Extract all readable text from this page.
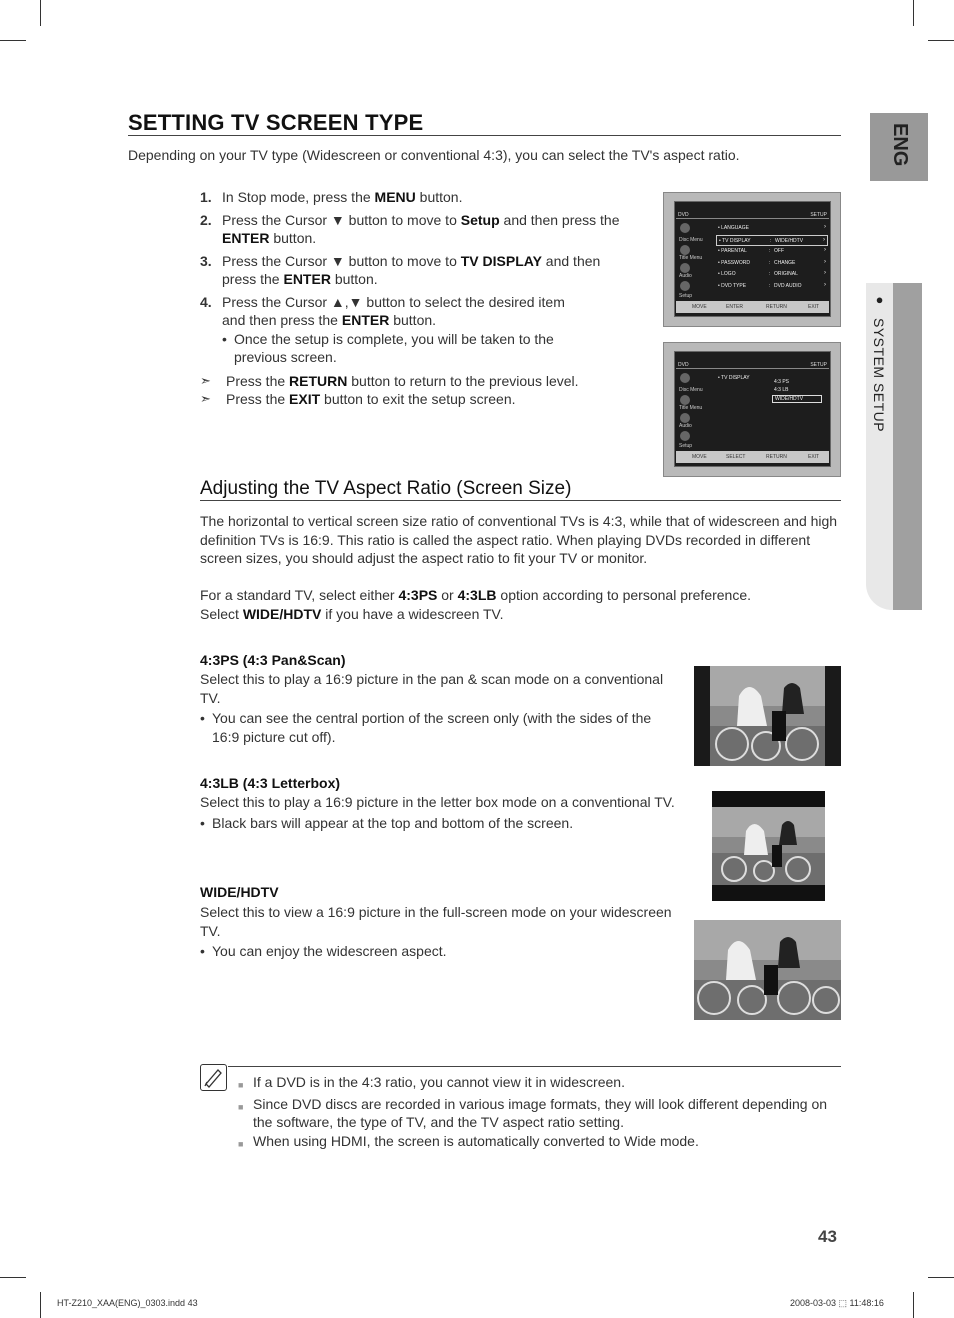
SETTING TV SCREEN TYPE
Depending on your TV type (Widescreen or conventional 4:3), you can select the TV's aspect ratio.
1. In Stop mode, press the MENU button.
2. Press the Cursor ▼ button to move to Setup and then press the ENTER button.
3. Press the Cursor ▼ button to move to TV DISPLAY and then press the ENTER button.
4. Press the Cursor ▲,▼ button to select the desired item and then press the ENTER button.
• Once the setup is complete, you will be taken to the previous screen.
➣	Press the RETURN button to return to the previous level.
➣	Press the EXIT button to exit the setup screen.
DVD	SETUP
Disc Menu
Title Menu
Audio
Setup
• LANGUAGE	›
• TV DISPLAY	: WIDE/HDTV	›
• PARENTAL	: OFF	›
• PASSWORD	: CHANGE	›
• LOGO	: ORIGINAL	›
• DVD TYPE	: DVD AUDIO	›
MOVE	ENTER	RETURN	EXIT
DVD	SETUP
Disc Menu
Title Menu
Audio
Setup
• TV DISPLAY
4:3 PS
4:3 LB
WIDE/HDTV
MOVE	SELECT	RETURN	EXIT
Adjusting the TV Aspect Ratio (Screen Size)
The horizontal to vertical screen size ratio of conventional TVs is 4:3, while that of widescreen and high definition TVs is 16:9. This ratio is called the aspect ratio. When playing DVDs recorded in different screen sizes, you should adjust the aspect ratio to fit your TV or monitor.
For a standard TV, select either 4:3PS or 4:3LB option according to personal preference.
Select WIDE/HDTV if you have a widescreen TV.
4:3PS (4:3 Pan&Scan)
Select this to play a 16:9 picture in the pan & scan mode on a conventional TV.
• You can see the central portion of the screen only (with the sides of the 16:9 picture cut off).
4:3LB (4:3 Letterbox)
Select this to play a 16:9 picture in the letter box mode on a conventional TV.
• Black bars will appear at the top and bottom of the screen.
WIDE/HDTV
Select this to view a 16:9 picture in the full-screen mode on your widescreen TV.
• You can enjoy the widescreen aspect.
■ If a DVD is in the 4:3 ratio, you cannot view it in widescreen.
■ Since DVD discs are recorded in various image formats, they will look different depending on the software, the type of TV, and the TV aspect ratio setting.
■ When using HDMI, the screen is automatically converted to Wide mode.
ENG
● SYSTEM SETUP
43
HT-Z210_XAA(ENG)_0303.indd 43	2008-03-03 ⬚ 11:48:16
